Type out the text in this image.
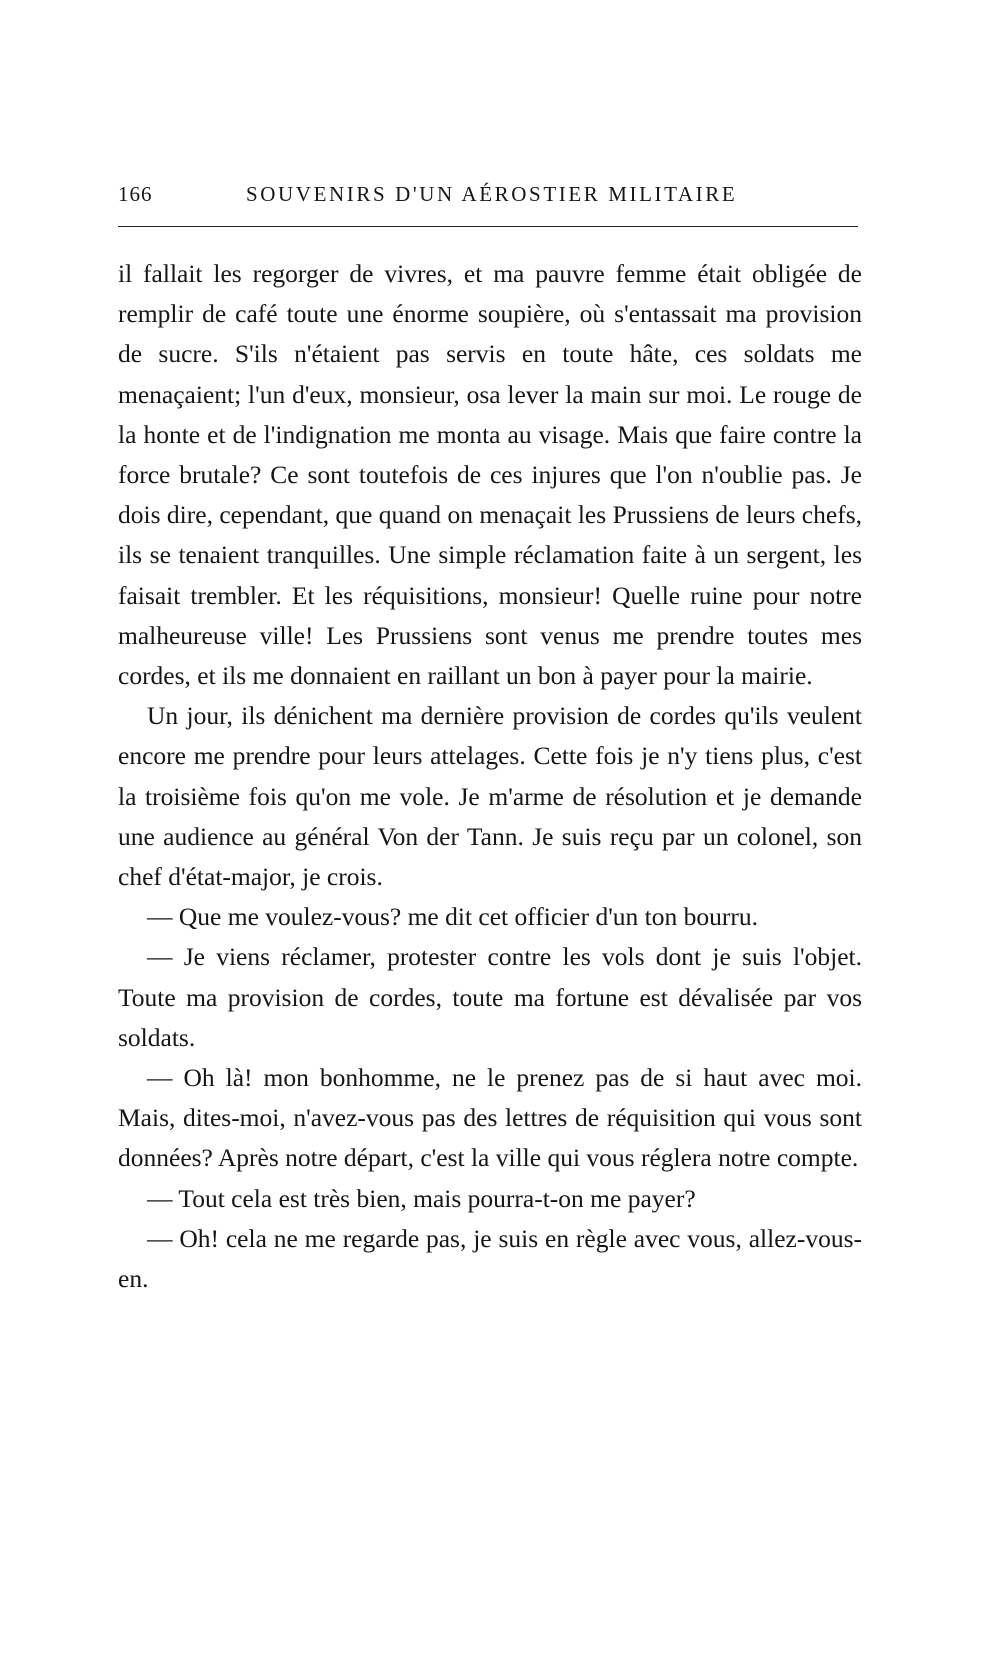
166	SOUVENIRS D'UN AÉROSTIER MILITAIRE

il fallait les regorger de vivres, et ma pauvre femme était obligée de remplir de café toute une énorme soupière, où s'entassait ma provision de sucre. S'ils n'étaient pas servis en toute hâte, ces soldats me menaçaient; l'un d'eux, monsieur, osa lever la main sur moi. Le rouge de la honte et de l'indignation me monta au visage. Mais que faire contre la force brutale? Ce sont toutefois de ces injures que l'on n'oublie pas. Je dois dire, cependant, que quand on menaçait les Prussiens de leurs chefs, ils se tenaient tranquilles. Une simple réclamation faite à un sergent, les faisait trembler. Et les réquisitions, monsieur! Quelle ruine pour notre malheureuse ville! Les Prussiens sont venus me prendre toutes mes cordes, et ils me donnaient en raillant un bon à payer pour la mairie.

Un jour, ils dénichent ma dernière provision de cordes qu'ils veulent encore me prendre pour leurs attelages. Cette fois je n'y tiens plus, c'est la troisième fois qu'on me vole. Je m'arme de résolution et je demande une audience au général Von der Tann. Je suis reçu par un colonel, son chef d'état-major, je crois.

— Que me voulez-vous? me dit cet officier d'un ton bourru.

— Je viens réclamer, protester contre les vols dont je suis l'objet. Toute ma provision de cordes, toute ma fortune est dévalisée par vos soldats.

— Oh là! mon bonhomme, ne le prenez pas de si haut avec moi. Mais, dites-moi, n'avez-vous pas des lettres de réquisition qui vous sont données? Après notre départ, c'est la ville qui vous réglera notre compte.

— Tout cela est très bien, mais pourra-t-on me payer?

— Oh! cela ne me regarde pas, je suis en règle avec vous, allez-vous-en.
